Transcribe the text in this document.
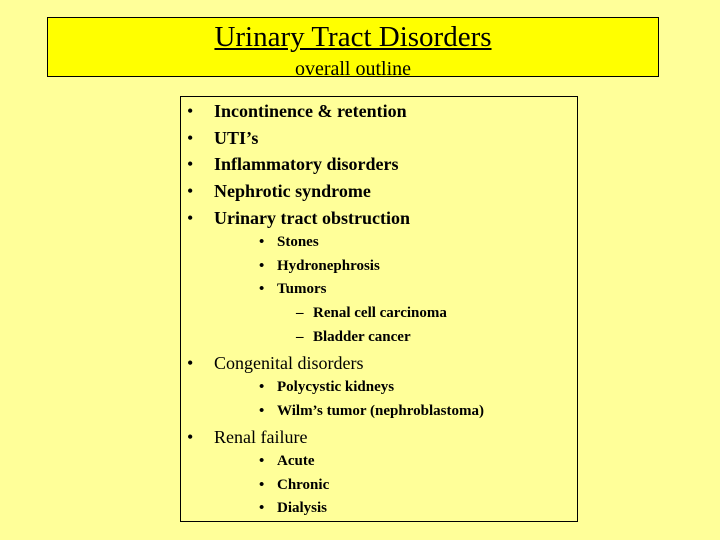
Urinary Tract Disorders
overall outline
• Incontinence & retention
• UTI’s
• Inflammatory disorders
• Nephrotic syndrome
• Urinary tract obstruction
• Stones
• Hydronephrosis
• Tumors
– Renal cell carcinoma
– Bladder cancer
• Congenital disorders
• Polycystic kidneys
• Wilm’s tumor (nephroblastoma)
• Renal failure
• Acute
• Chronic
• Dialysis
